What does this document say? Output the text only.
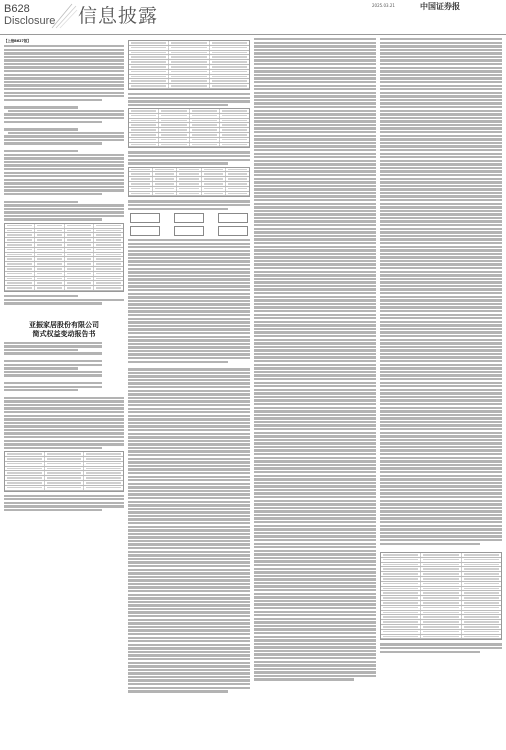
B628
Disclosure 信息披露	2025.03.21	中国证券报
【上接B627版】
亚振家居股份有限公司
简式权益变动报告书
